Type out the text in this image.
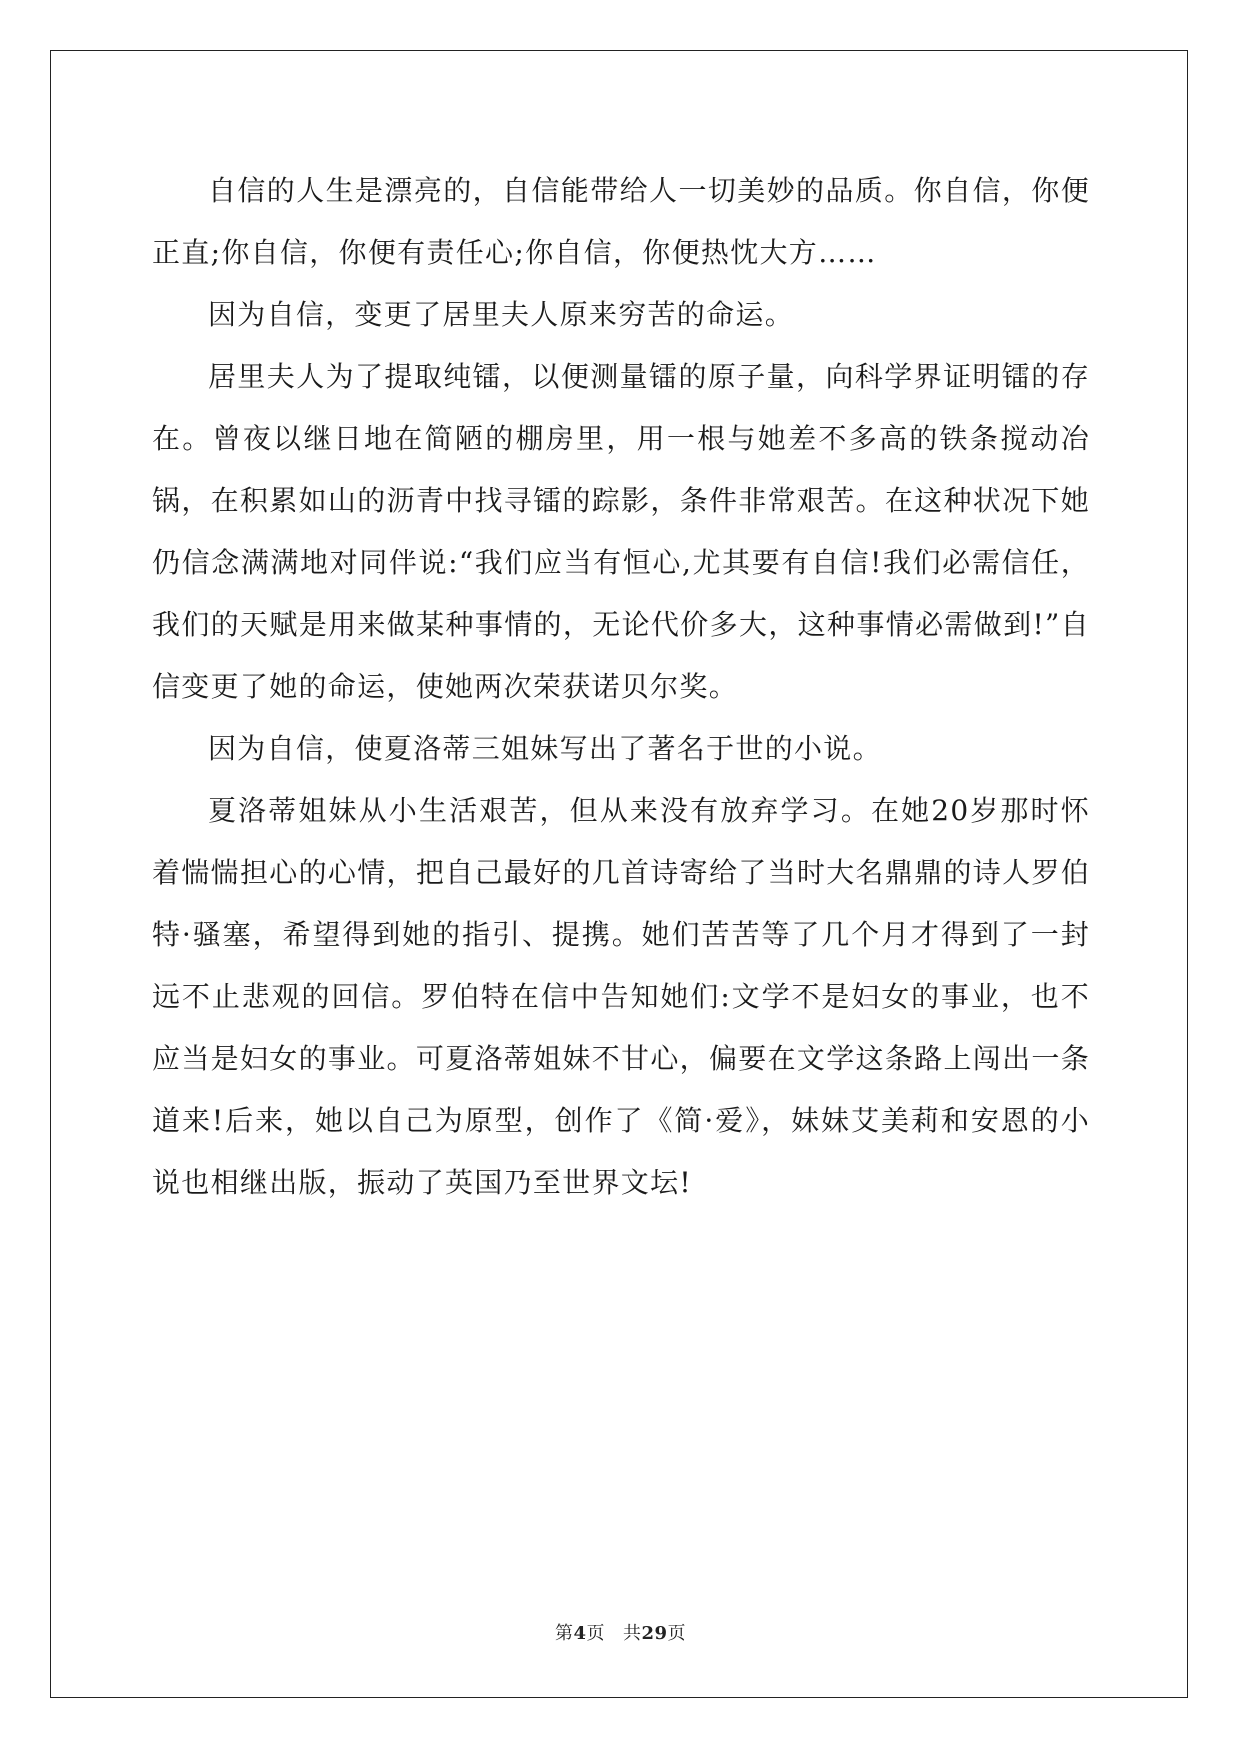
自信的人生是漂亮的，自信能带给人一切美妙的品质。你自信，你便正直;你自信，你便有责任心;你自信，你便热忱大方……

因为自信，变更了居里夫人原来穷苦的命运。

居里夫人为了提取纯镭，以便测量镭的原子量，向科学界证明镭的存在。曾夜以继日地在简陋的棚房里，用一根与她差不多高的铁条搅动冶锅，在积累如山的沥青中找寻镭的踪影，条件非常艰苦。在这种状况下她仍信念满满地对同伴说:“我们应当有恒心,尤其要有自信!我们必需信任，我们的天赋是用来做某种事情的，无论代价多大，这种事情必需做到!”自信变更了她的命运，使她两次荣获诺贝尔奖。

因为自信，使夏洛蒂三姐妹写出了著名于世的小说。

夏洛蒂姐妹从小生活艰苦，但从来没有放弃学习。在她20岁那时怀着惴惴担心的心情，把自己最好的几首诗寄给了当时大名鼎鼎的诗人罗伯特·骚塞，希望得到她的指引、提携。她们苦苦等了几个月才得到了一封远不止悲观的回信。罗伯特在信中告知她们:文学不是妇女的事业，也不应当是妇女的事业。可夏洛蒂姐妹不甘心，偏要在文学这条路上闯出一条道来!后来，她以自己为原型，创作了《简·爱》，妹妹艾美莉和安恩的小说也相继出版，振动了英国乃至世界文坛!

第4页 共29页
